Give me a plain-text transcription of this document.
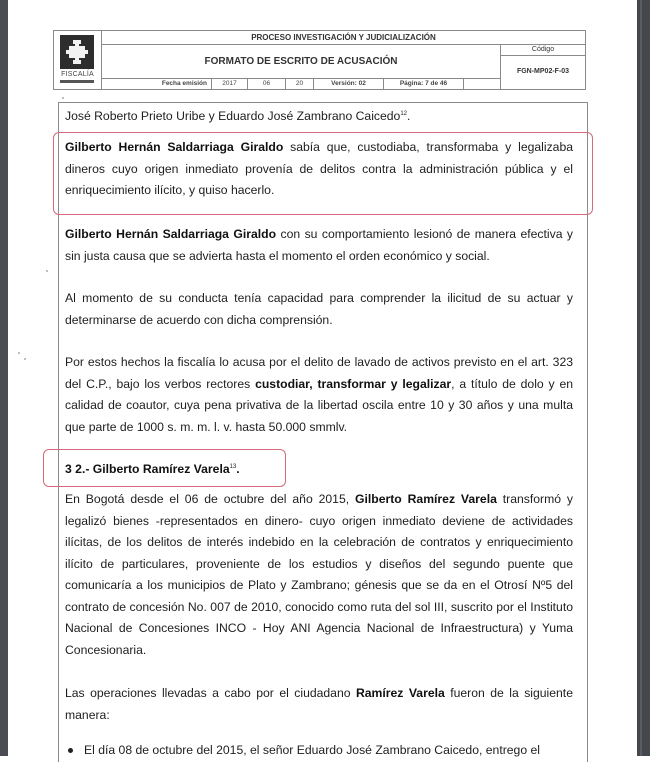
FISCALÍA
PROCESO INVESTIGACIÓN Y JUDICIALIZACIÓN
FORMATO DE ESCRITO DE ACUSACIÓN
Código
FGN-MP02-F-03
Fecha emisión	2017	06	20	Versión: 02	Página: 7 de 46
José Roberto Prieto Uribe y Eduardo José Zambrano Caicedo$^{12}$.
Gilberto Hernán Saldarriaga Giraldo sabía que, custodiaba, transformaba y legalizaba dineros cuyo origen inmediato provenía de delitos contra la administración pública y el enriquecimiento ilícito, y quiso hacerlo.
Gilberto Hernán Saldarriaga Giraldo con su comportamiento lesionó de manera efectiva y sin justa causa que se advierta hasta el momento el orden económico y social.
Al momento de su conducta tenía capacidad para comprender la ilicitud de su actuar y determinarse de acuerdo con dicha comprensión.
Por estos hechos la fiscalía lo acusa por el delito de lavado de activos previsto en el art. 323 del C.P., bajo los verbos rectores custodiar, transformar y legalizar, a título de dolo y en calidad de coautor, cuya pena privativa de la libertad oscila entre 10 y 30 años y una multa que parte de 1000 s. m. m. l. v. hasta 50.000 smmlv.
3 2.- Gilberto Ramírez Varela$^{13}$.
En Bogotá desde el 06 de octubre del año 2015, Gilberto Ramírez Varela transformó y legalizó bienes -representados en dinero- cuyo origen inmediato deviene de actividades ilícitas, de los delitos de interés indebido en la celebración de contratos y enriquecimiento ilícito de particulares, proveniente de los estudios y diseños del segundo puente que comunicaría a los municipios de Plato y Zambrano; génesis que se da en el Otrosí Nº5 del contrato de concesión No. 007 de 2010, conocido como ruta del sol III, suscrito por el Instituto Nacional de Concesiones INCO - Hoy ANI Agencia Nacional de Infraestructura) y Yuma Concesionaria.
Las operaciones llevadas a cabo por el ciudadano Ramírez Varela fueron de la siguiente manera:
El día 08 de octubre del 2015, el señor Eduardo José Zambrano Caicedo, entrego el
